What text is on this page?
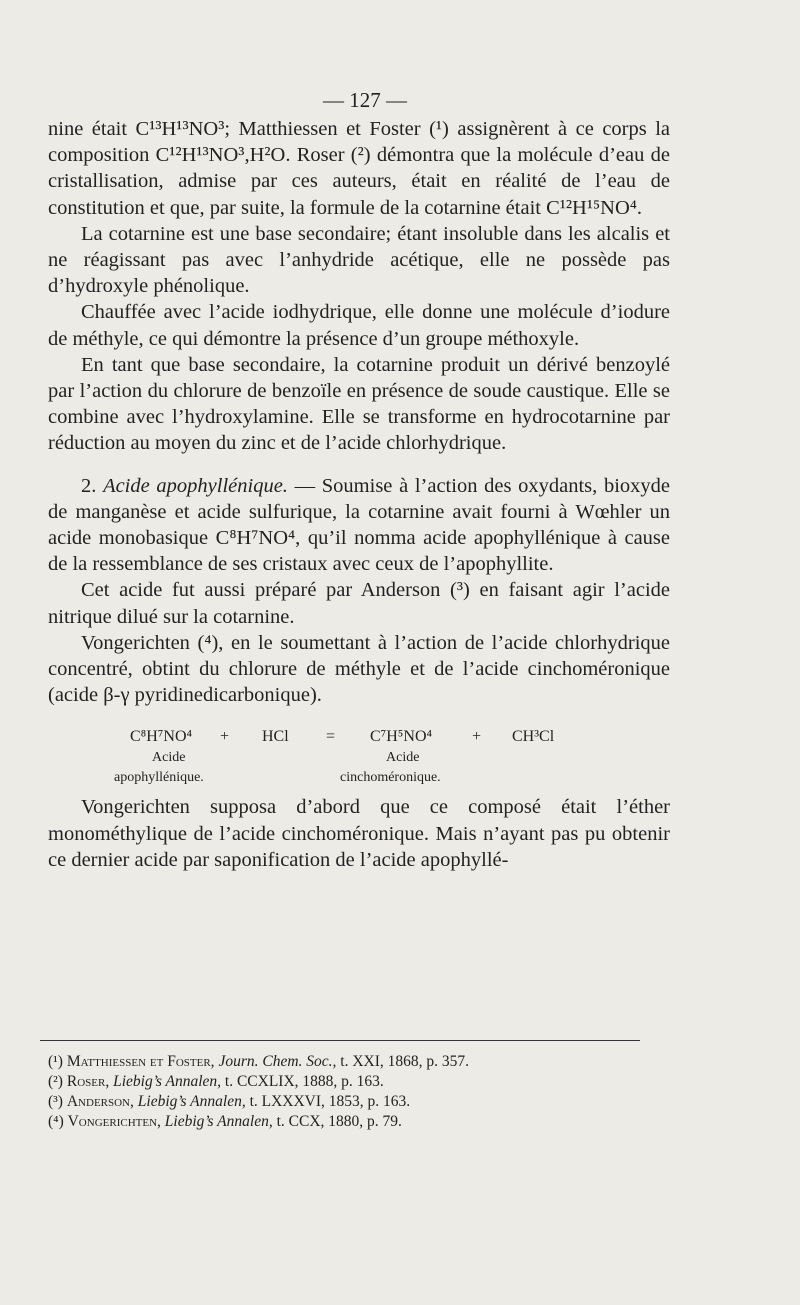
— 127 —

nine était C¹³H¹³NO³; Matthiessen et Foster (¹) assignèrent à ce corps la composition C¹²H¹³NO³,H²O. Roser (²) démontra que la molécule d’eau de cristallisation, admise par ces auteurs, était en réalité de l’eau de constitution et que, par suite, la formule de la cotarnine était C¹²H¹⁵NO⁴.

La cotarnine est une base secondaire; étant insoluble dans les alcalis et ne réagissant pas avec l’anhydride acétique, elle ne possède pas d’hydroxyle phénolique.

Chauffée avec l’acide iodhydrique, elle donne une molécule d’iodure de méthyle, ce qui démontre la présence d’un groupe méthoxyle.

En tant que base secondaire, la cotarnine produit un dérivé benzoylé par l’action du chlorure de benzoïle en présence de soude caustique. Elle se combine avec l’hydroxylamine. Elle se transforme en hydrocotarnine par réduction au moyen du zinc et de l’acide chlorhydrique.

2. Acide apophyllénique. — Soumise à l’action des oxydants, bioxyde de manganèse et acide sulfurique, la cotarnine avait fourni à Wœhler un acide monobasique C⁸H⁷NO⁴, qu’il nomma acide apophyllénique à cause de la ressemblance de ses cristaux avec ceux de l’apophyllite.

Cet acide fut aussi préparé par Anderson (³) en faisant agir l’acide nitrique dilué sur la cotarnine.

Vongerichten (⁴), en le soumettant à l’action de l’acide chlorhydrique concentré, obtint du chlorure de méthyle et de l’acide cinchoméronique (acide β-γ pyridinedicarbonique).

C⁸H⁷NO⁴ + HCl = C⁷H⁵NO⁴ + CH³Cl
Acide
apophyllénique.
Acide
cinchoméronique.

Vongerichten supposa d’abord que ce composé était l’éther monométhylique de l’acide cinchoméronique. Mais n’ayant pas pu obtenir ce dernier acide par saponification de l’acide apophyllé-

(¹) Matthiessen et Foster, Journ. Chem. Soc., t. XXI, 1868, p. 357.
(²) Roser, Liebig’s Annalen, t. CCXLIX, 1888, p. 163.
(³) Anderson, Liebig’s Annalen, t. LXXXVI, 1853, p. 163.
(⁴) Vongerichten, Liebig’s Annalen, t. CCX, 1880, p. 79.
